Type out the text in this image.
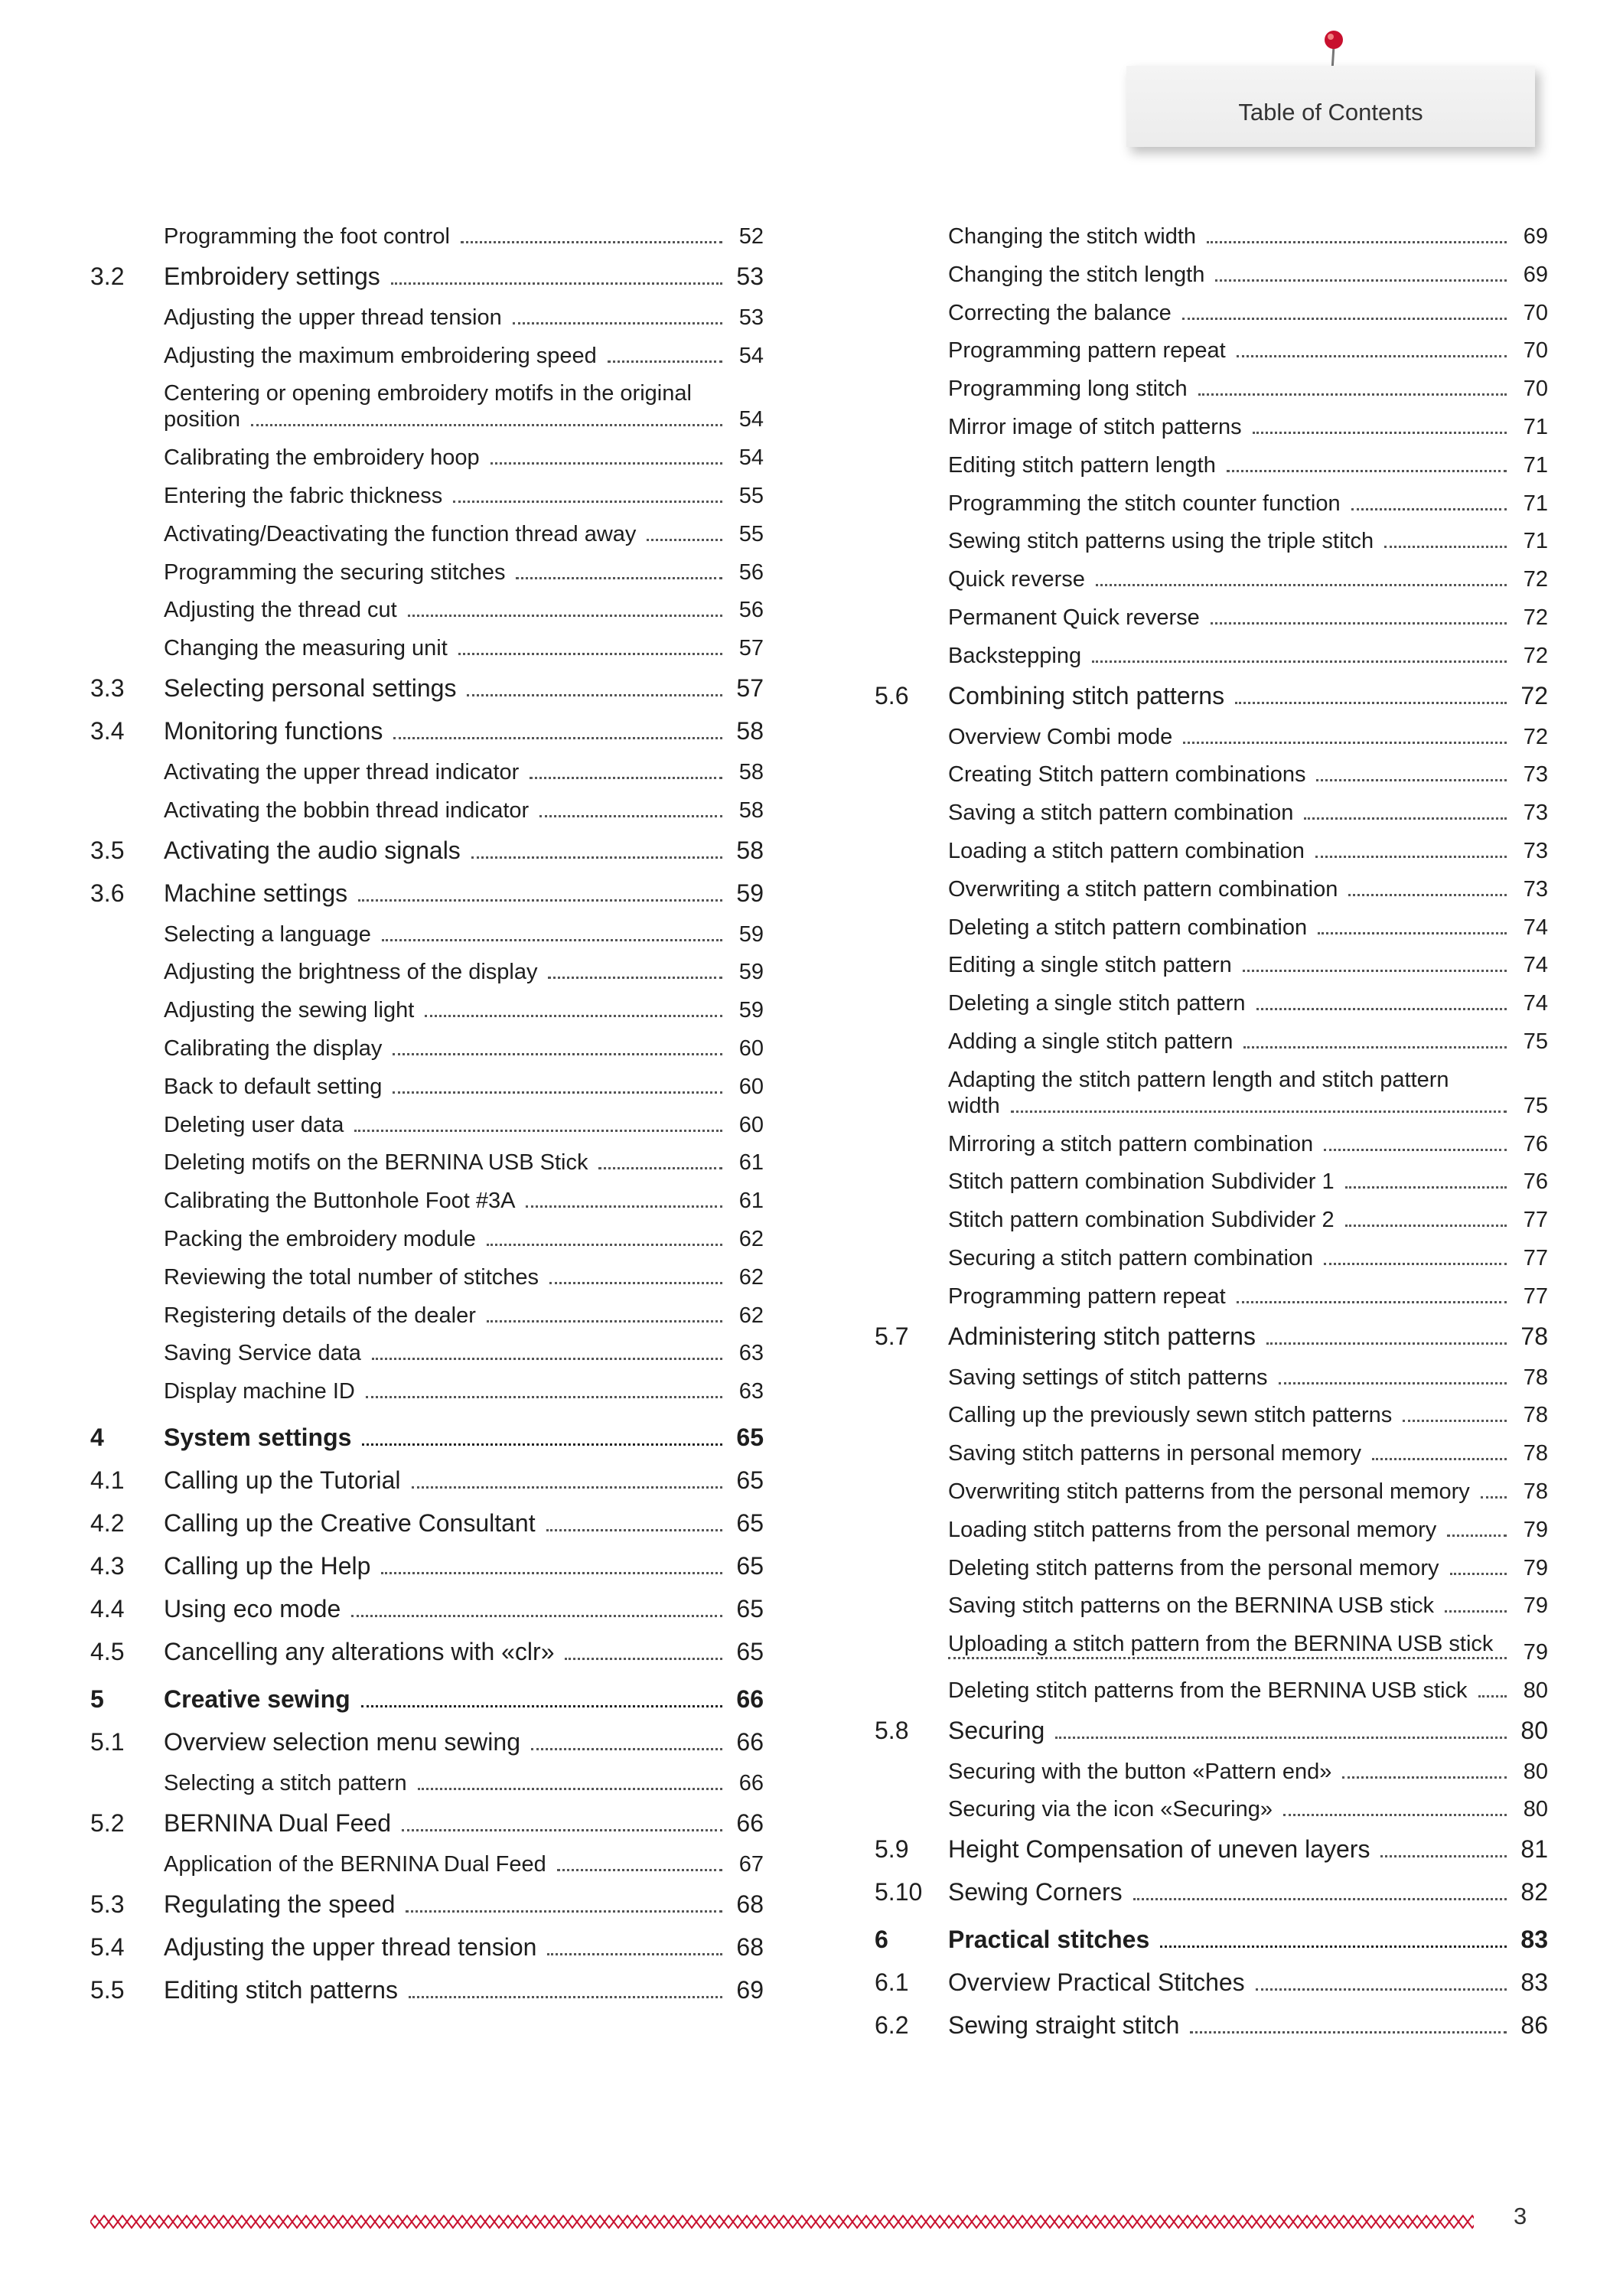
Table of Contents
Programming the foot control	52
3.2 Embroidery settings	53
Adjusting the upper thread tension	53
Adjusting the maximum embroidering speed	54
Centering or opening embroidery motifs in the original
position	54
Calibrating the embroidery hoop	54
Entering the fabric thickness	55
Activating/Deactivating the function thread away	55
Programming the securing stitches	56
Adjusting the thread cut	56
Changing the measuring unit	57
3.3 Selecting personal settings	57
3.4 Monitoring functions	58
Activating the upper thread indicator	58
Activating the bobbin thread indicator	58
3.5 Activating the audio signals	58
3.6 Machine settings	59
Selecting a language	59
Adjusting the brightness of the display	59
Adjusting the sewing light	59
Calibrating the display	60
Back to default setting	60
Deleting user data	60
Deleting motifs on the BERNINA USB Stick	61
Calibrating the Buttonhole Foot #3A	61
Packing the embroidery module	62
Reviewing the total number of stitches	62
Registering details of the dealer	62
Saving Service data	63
Display machine ID	63
4 System settings	65
4.1 Calling up the Tutorial	65
4.2 Calling up the Creative Consultant	65
4.3 Calling up the Help	65
4.4 Using eco mode	65
4.5 Cancelling any alterations with «clr»	65
5 Creative sewing	66
5.1 Overview selection menu sewing	66
Selecting a stitch pattern	66
5.2 BERNINA Dual Feed	66
Application of the BERNINA Dual Feed	67
5.3 Regulating the speed	68
5.4 Adjusting the upper thread tension	68
5.5 Editing stitch patterns	69
Changing the stitch width	69
Changing the stitch length	69
Correcting the balance	70
Programming pattern repeat	70
Programming long stitch	70
Mirror image of stitch patterns	71
Editing stitch pattern length	71
Programming the stitch counter function	71
Sewing stitch patterns using the triple stitch	71
Quick reverse	72
Permanent Quick reverse	72
Backstepping	72
5.6 Combining stitch patterns	72
Overview Combi mode	72
Creating Stitch pattern combinations	73
Saving a stitch pattern combination	73
Loading a stitch pattern combination	73
Overwriting a stitch pattern combination	73
Deleting a stitch pattern combination	74
Editing a single stitch pattern	74
Deleting a single stitch pattern	74
Adding a single stitch pattern	75
Adapting the stitch pattern length and stitch pattern
width	75
Mirroring a stitch pattern combination	76
Stitch pattern combination Subdivider 1	76
Stitch pattern combination Subdivider 2	77
Securing a stitch pattern combination	77
Programming pattern repeat	77
5.7 Administering stitch patterns	78
Saving settings of stitch patterns	78
Calling up the previously sewn stitch patterns	78
Saving stitch patterns in personal memory	78
Overwriting stitch patterns from the personal memory	78
Loading stitch patterns from the personal memory	79
Deleting stitch patterns from the personal memory	79
Saving stitch patterns on the BERNINA USB stick	79
Uploading a stitch pattern from the BERNINA USB stick	79
Deleting stitch patterns from the BERNINA USB stick	80
5.8 Securing	80
Securing with the button «Pattern end»	80
Securing via the icon «Securing»	80
5.9 Height Compensation of uneven layers	81
5.10 Sewing Corners	82
6 Practical stitches	83
6.1 Overview Practical Stitches	83
6.2 Sewing straight stitch	86
3
